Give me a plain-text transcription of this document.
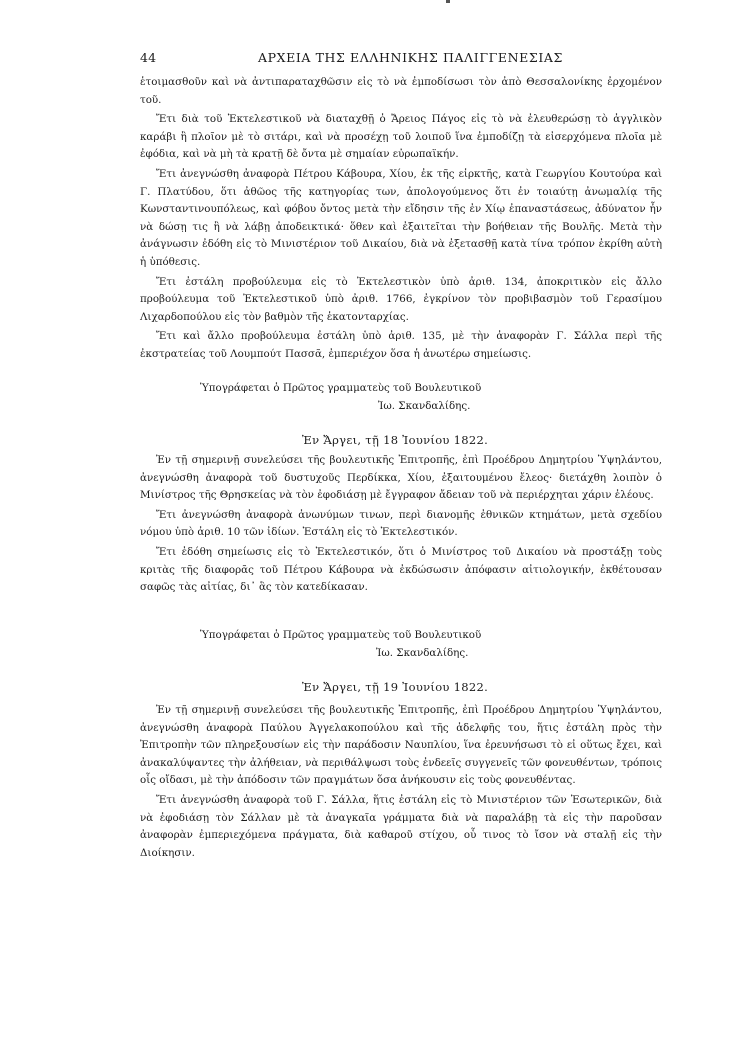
44	ΑΡΧΕΙΑ ΤΗΣ ΕΛΛΗΝΙΚΗΣ ΠΑΛΙΓΓΕΝΕΣΙΑΣ

ἑτοιμασθοῦν καὶ νὰ ἀντιπαραταχθῶσιν εἰς τὸ νὰ ἐμποδίσωσι τὸν ἀπὸ Θεσσαλονίκης ἐρχομένον τοῦ.

Ἔτι διὰ τοῦ Ἐκτελεστικοῦ νὰ διαταχθῇ ὁ Ἄρειος Πάγος εἰς τὸ νὰ ἐλευθερώσῃ τὸ ἀγγλικὸν καράβι ἢ πλοῖον μὲ τὸ σιτάρι, καὶ νὰ προσέχῃ τοῦ λοιποῦ ἵνα ἐμποδίζῃ τὰ εἰσερχόμενα πλοῖα μὲ ἐφόδια, καὶ νὰ μὴ τὰ κρατῇ δὲ ὄντα μὲ σημαίαν εὐρωπαϊκήν.

Ἔτι ἀνεγνώσθη ἀναφορὰ Πέτρου Κάβουρα, Χίου, ἐκ τῆς εἱρκτῆς, κατὰ Γεωργίου Κουτούρα καὶ Γ. Πλατύδου, ὅτι ἀθῶος τῆς κατηγορίας των, ἀπολογούμενος ὅτι ἐν τοιαύτῃ ἀνωμαλίᾳ τῆς Κωνσταντινουπόλεως, καὶ φόβου ὄντος μετὰ τὴν εἴδησιν τῆς ἐν Χίῳ ἐπαναστάσεως, ἀδύνατον ἦν νὰ δώσῃ τις ἢ νὰ λάβῃ ἀποδεικτικά· ὅθεν καὶ ἐξαιτεῖται τὴν βοήθειαν τῆς Βουλῆς. Μετὰ τὴν ἀνάγνωσιν ἐδόθη εἰς τὸ Μινιστέριον τοῦ Δικαίου, διὰ νὰ ἐξετασθῇ κατὰ τίνα τρόπον ἐκρίθη αὐτὴ ἡ ὑπόθεσις.

Ἔτι ἐστάλη προβούλευμα εἰς τὸ Ἐκτελεστικὸν ὑπὸ ἀριθ. 134, ἀποκριτικὸν εἰς ἄλλο προβούλευμα τοῦ Ἐκτελεστικοῦ ὑπὸ ἀριθ. 1766, ἐγκρίνον τὸν προβιβασμὸν τοῦ Γερασίμου Λιχαρδοπούλου εἰς τὸν βαθμὸν τῆς ἑκατονταρχίας.

Ἔτι καὶ ἄλλο προβούλευμα ἐστάλη ὑπὸ ἀριθ. 135, μὲ τὴν ἀναφορὰν Γ. Σάλλα περὶ τῆς ἐκστρατείας τοῦ Λουμπούτ Πασσᾶ, ἐμπεριέχον ὅσα ἡ ἀνωτέρω σημείωσις.

Ὑπογράφεται ὁ Πρῶτος γραμματεὺς τοῦ Βουλευτικοῦ
Ἰω. Σκανδαλίδης.
Ἐν Ἄργει, τῇ 18 Ἰουνίου 1822.

Ἐν τῇ σημερινῇ συνελεύσει τῆς βουλευτικῆς Ἐπιτροπῆς, ἐπὶ Προέδρου Δημητρίου Ὑψηλάντου, ἀνεγνώσθη ἀναφορὰ τοῦ δυστυχοῦς Περδίκκα, Χίου, ἐξαιτουμένου ἔλεος· διετάχθη λοιπὸν ὁ Μινίστρος τῆς Θρησκείας νὰ τὸν ἐφοδιάσῃ μὲ ἔγγραφον ἄδειαν τοῦ νὰ περιέρχηται χάριν ἐλέους.

Ἔτι ἀνεγνώσθη ἀναφορὰ ἀνωνύμων τινων, περὶ διανομῆς ἐθνικῶν κτημάτων, μετὰ σχεδίου νόμου ὑπὸ ἀριθ. 10 τῶν ἰδίων. Ἐστάλη εἰς τὸ Ἐκτελεστικόν.

Ἔτι ἐδόθη σημείωσις εἰς τὸ Ἐκτελεστικόν, ὅτι ὁ Μινίστρος τοῦ Δικαίου νὰ προστάξῃ τοὺς κριτὰς τῆς διαφορᾶς τοῦ Πέτρου Κάβουρα νὰ ἐκδώσωσιν ἀπόφασιν αἰτιολογικήν, ἐκθέτουσαν σαφῶς τὰς αἰτίας, δι᾽ ἃς τὸν κατεδίκασαν.

Ὑπογράφεται ὁ Πρῶτος γραμματεὺς τοῦ Βουλευτικοῦ
Ἰω. Σκανδαλίδης.
Ἐν Ἄργει, τῇ 19 Ἰουνίου 1822.

Ἐν τῇ σημερινῇ συνελεύσει τῆς βουλευτικῆς Ἐπιτροπῆς, ἐπὶ Προέδρου Δημητρίου Ὑψηλάντου, ἀνεγνώσθη ἀναφορὰ Παύλου Ἀγγελακοπούλου καὶ τῆς ἀδελφῆς του, ἥτις ἐστάλη πρὸς τὴν Ἐπιτροπὴν τῶν πληρεξουσίων εἰς τὴν παράδοσιν Ναυπλίου, ἵνα ἐρευνήσωσι τὸ εἰ οὕτως ἔχει, καὶ ἀνακαλύψαντες τὴν ἀλήθειαν, νὰ περιθάλψωσι τοὺς ἐνδεεῖς συγγενεῖς τῶν φονευθέντων, τρόποις οἷς οἴδασι, μὲ τὴν ἀπόδοσιν τῶν πραγμάτων ὅσα ἀνήκουσιν εἰς τοὺς φονευθέντας.

Ἔτι ἀνεγνώσθη ἀναφορὰ τοῦ Γ. Σάλλα, ἥτις ἐστάλη εἰς τὸ Μινιστέριον τῶν Ἐσωτερικῶν, διὰ νὰ ἐφοδιάσῃ τὸν Σάλλαν μὲ τὰ ἀναγκαῖα γράμματα διὰ νὰ παραλάβῃ τὰ εἰς τὴν παροῦσαν ἀναφορὰν ἐμπεριεχόμενα πράγματα, διὰ καθαροῦ στίχου, οὗ τινος τὸ ἴσον νὰ σταλῇ εἰς τὴν Διοίκησιν.
